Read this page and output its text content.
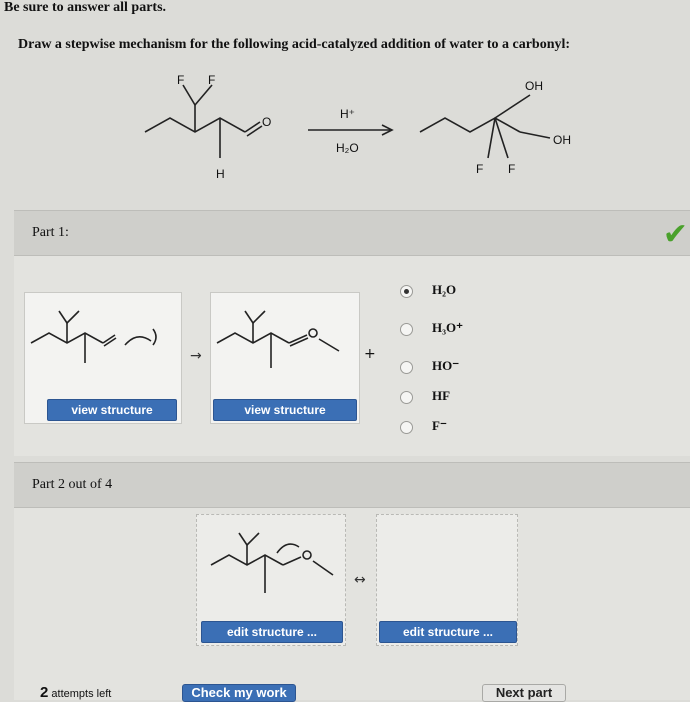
Be sure to answer all parts.
Draw a stepwise mechanism for the following acid-catalyzed addition of water to a carbonyl:
F F
O
H
H⁺
H₂O
OH
OH
F F
Part 1:	✔
view structure
→
view structure
+
H₂O
H₃O⁺
HO⁻
HF
F⁻
Part 2 out of 4
edit structure ...
↔
edit structure ...
2 attempts left	Check my work	Next part
